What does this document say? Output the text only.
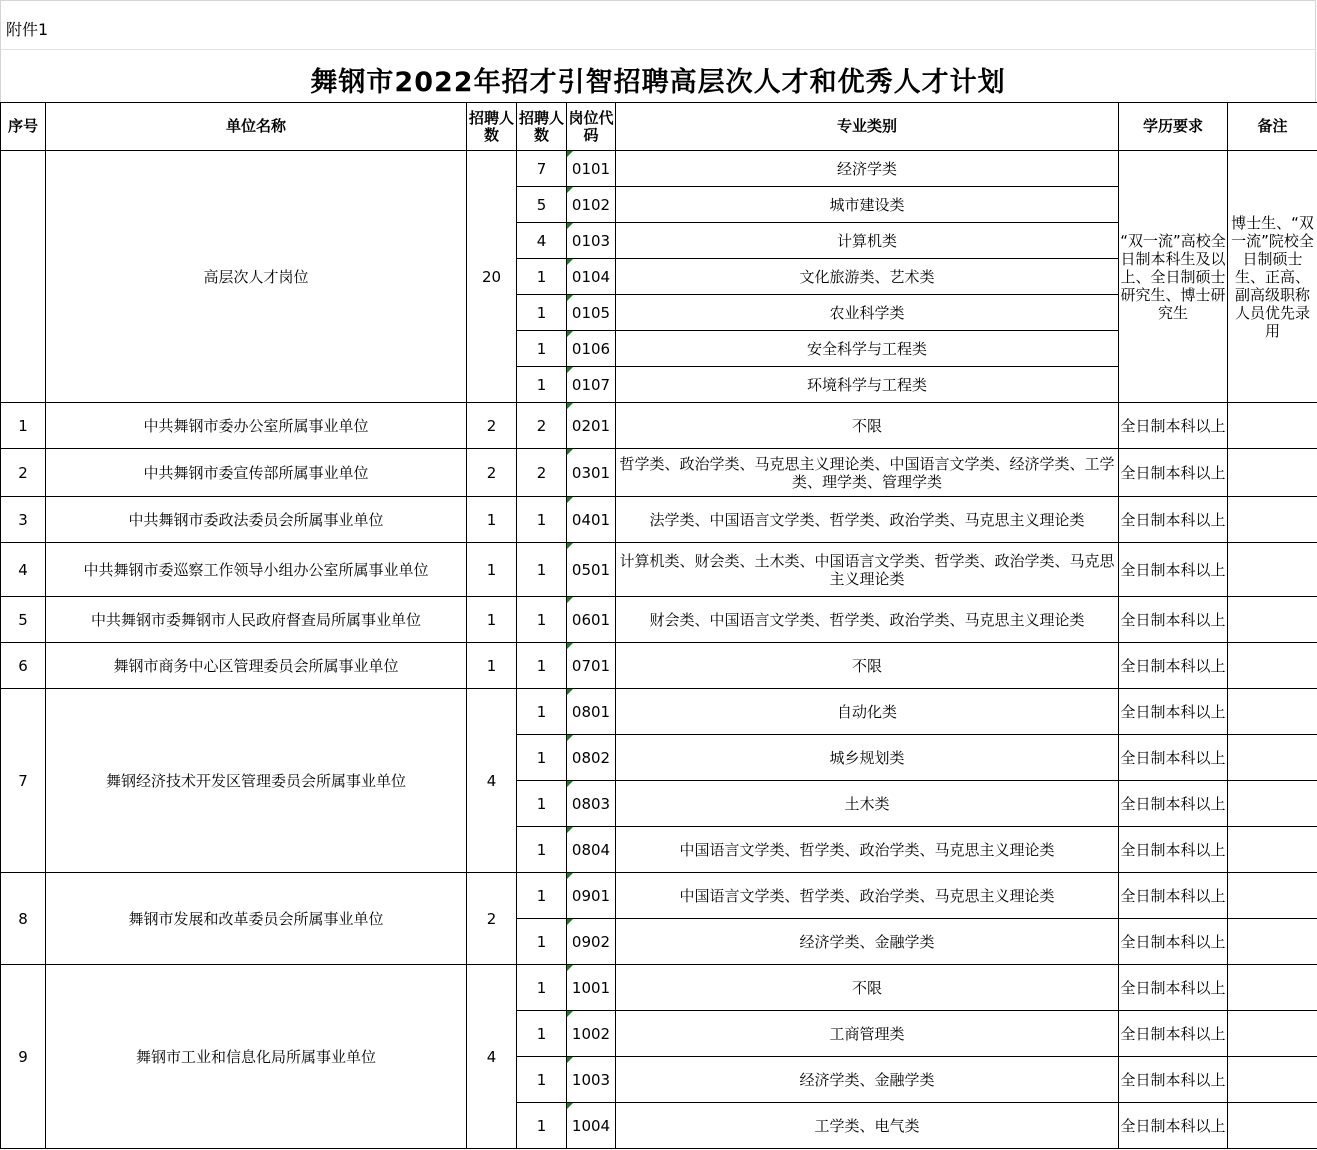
附件1
舞钢市2022年招才引智招聘高层次人才和优秀人才计划
序号	单位名称	招聘人数	招聘人数	岗位代码	专业类别	学历要求	备注
	高层次人才岗位	20	7	0101	经济学类	“双一流”高校全日制本科生及以上、全日制硕士研究生、博士研究生	博士生、“双一流”院校全日制硕士生、正高、副高级职称人员优先录用
			5	0102	城市建设类		
			4	0103	计算机类		
			1	0104	文化旅游类、艺术类		
			1	0105	农业科学类		
			1	0106	安全科学与工程类		
			1	0107	环境科学与工程类		
1	中共舞钢市委办公室所属事业单位	2	2	0201	不限	全日制本科以上	
2	中共舞钢市委宣传部所属事业单位	2	2	0301	哲学类、政治学类、马克思主义理论类、中国语言文学类、经济学类、工学类、理学类、管理学类	全日制本科以上	
3	中共舞钢市委政法委员会所属事业单位	1	1	0401	法学类、中国语言文学类、哲学类、政治学类、马克思主义理论类	全日制本科以上	
4	中共舞钢市委巡察工作领导小组办公室所属事业单位	1	1	0501	计算机类、财会类、土木类、中国语言文学类、哲学类、政治学类、马克思主义理论类	全日制本科以上	
5	中共舞钢市委舞钢市人民政府督查局所属事业单位	1	1	0601	财会类、中国语言文学类、哲学类、政治学类、马克思主义理论类	全日制本科以上	
6	舞钢市商务中心区管理委员会所属事业单位	1	1	0701	不限	全日制本科以上	
7	舞钢经济技术开发区管理委员会所属事业单位	4	1	0801	自动化类	全日制本科以上	
			1	0802	城乡规划类	全日制本科以上	
			1	0803	土木类	全日制本科以上	
			1	0804	中国语言文学类、哲学类、政治学类、马克思主义理论类	全日制本科以上	
8	舞钢市发展和改革委员会所属事业单位	2	1	0901	中国语言文学类、哲学类、政治学类、马克思主义理论类	全日制本科以上	
			1	0902	经济学类、金融学类	全日制本科以上	
9	舞钢市工业和信息化局所属事业单位	4	1	1001	不限	全日制本科以上	
			1	1002	工商管理类	全日制本科以上	
			1	1003	经济学类、金融学类	全日制本科以上	
			1	1004	工学类、电气类	全日制本科以上	
